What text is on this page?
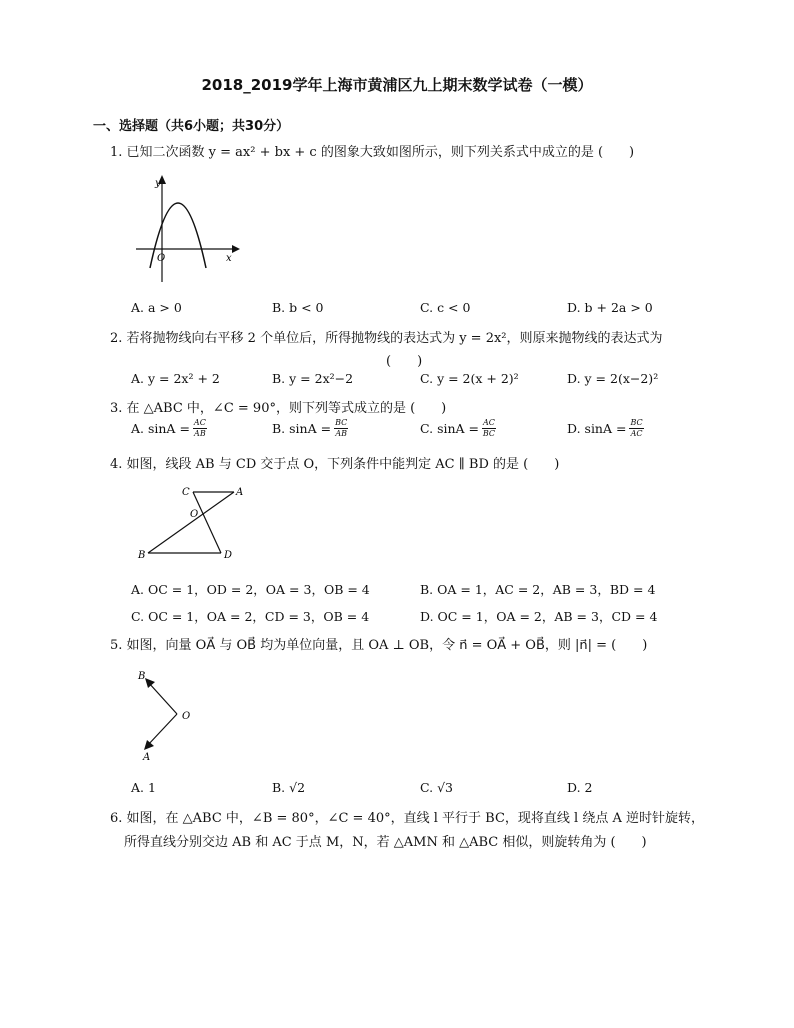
2018_2019学年上海市黄浦区九上期末数学试卷（一模）
一、选择题（共6小题；共30分）
1. 已知二次函数 y = ax² + bx + c 的图象大致如图所示，则下列关系式中成立的是 (　　)
y
x
O
A. a > 0	B. b < 0	C. c < 0	D. b + 2a > 0
2. 若将抛物线向右平移 2 个单位后，所得抛物线的表达式为 y = 2x²，则原来抛物线的表达式为
(　　)
A. y = 2x² + 2	B. y = 2x²−2	C. y = 2(x + 2)²	D. y = 2(x−2)²
3. 在 △ABC 中，∠C = 90°，则下列等式成立的是 (　　)
A. $\sin A = \frac{AC}{AB}$	B. $\sin A = \frac{BC}{AB}$	C. $\sin A = \frac{AC}{BC}$	D. $\sin A = \frac{BC}{AC}$
4. 如图，线段 AB 与 CD 交于点 O，下列条件中能判定 AC ∥ BD 的是 (　　)
C	A
O
B	D
A. OC = 1，OD = 2，OA = 3，OB = 4	B. OA = 1，AC = 2，AB = 3，BD = 4
C. OC = 1，OA = 2，CD = 3，OB = 4	D. OC = 1，OA = 2，AB = 3，CD = 4
5. 如图，向量 OA⃗ 与 OB⃗ 均为单位向量，且 OA ⊥ OB，令 n⃗ = OA⃗ + OB⃗，则 |n⃗| = (　　)
B
O
A
A. 1	B. √2	C. √3	D. 2
6. 如图，在 △ABC 中，∠B = 80°，∠C = 40°，直线 l 平行于 BC，现将直线 l 绕点 A 逆时针旋转，
所得直线分别交边 AB 和 AC 于点 M，N，若 △AMN 和 △ABC 相似，则旋转角为 (　　)
